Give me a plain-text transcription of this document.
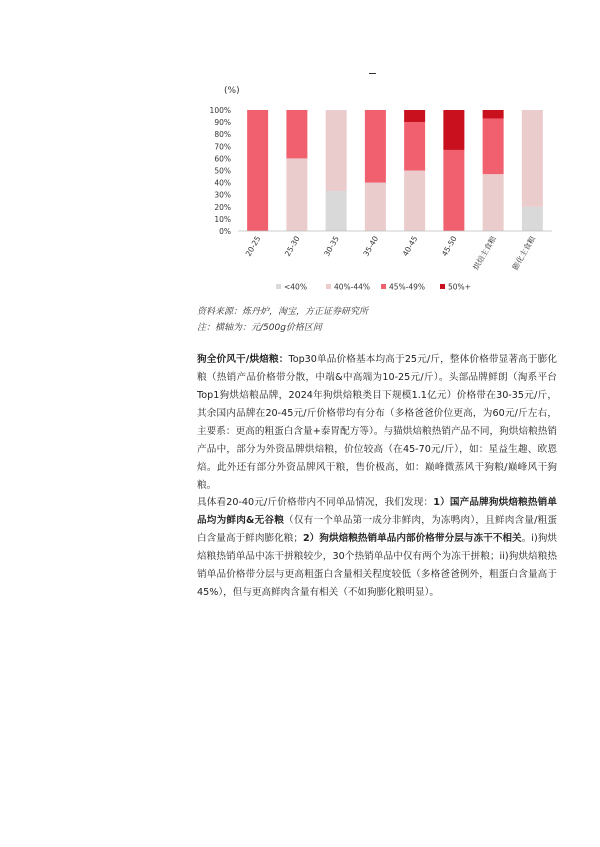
(%)
0%
10%
20%
30%
40%
50%
60%
70%
80%
90%
100%
20-25	25-30	30-35	35-40	40-45	45-50 烘焙主食粮 膨化主食粮
<40%	40%-44%	45%-49%	50%+
资料来源：炼丹炉，淘宝，方正证券研究所
注：横轴为：元/500g价格区间
狗全价风干/烘焙粮：Top30单品价格基本均高于25元/斤，整体价格带显著高于膨化粮（热销产品价格带分散，中端&中高端为10-25元/斤）。头部品牌鲜朗（淘系平台Top1狗烘焙粮品牌，2024年狗烘焙粮类目下规模1.1亿元）价格带在30-35元/斤，其余国内品牌在20-45元/斤价格带均有分布（多格爸爸价位更高，为60元/斤左右，主要系：更高的粗蛋白含量+泰胃配方等）。与猫烘焙粮热销产品不同，狗烘焙粮热销产品中，部分为外资品牌烘焙粮，价位较高（在45-70元/斤），如：星益生趣、欧恩焙。此外还有部分外资品牌风干粮，售价极高，如：巅峰微蒸风干狗粮/巅峰风干狗粮。
具体看20-40元/斤价格带内不同单品情况，我们发现：1）国产品牌狗烘焙粮热销单品均为鲜肉&无谷粮（仅有一个单品第一成分非鲜肉，为冻鸭肉），且鲜肉含量/粗蛋白含量高于鲜肉膨化粮；2）狗烘焙粮热销单品内部价格带分层与冻干不相关。i)狗烘焙粮热销单品中冻干拼粮较少，30个热销单品中仅有两个为冻干拼粮；ii)狗烘焙粮热销单品价格带分层与更高粗蛋白含量相关程度较低（多格爸爸例外，粗蛋白含量高于45%），但与更高鲜肉含量有相关（不如狗膨化粮明显）。
